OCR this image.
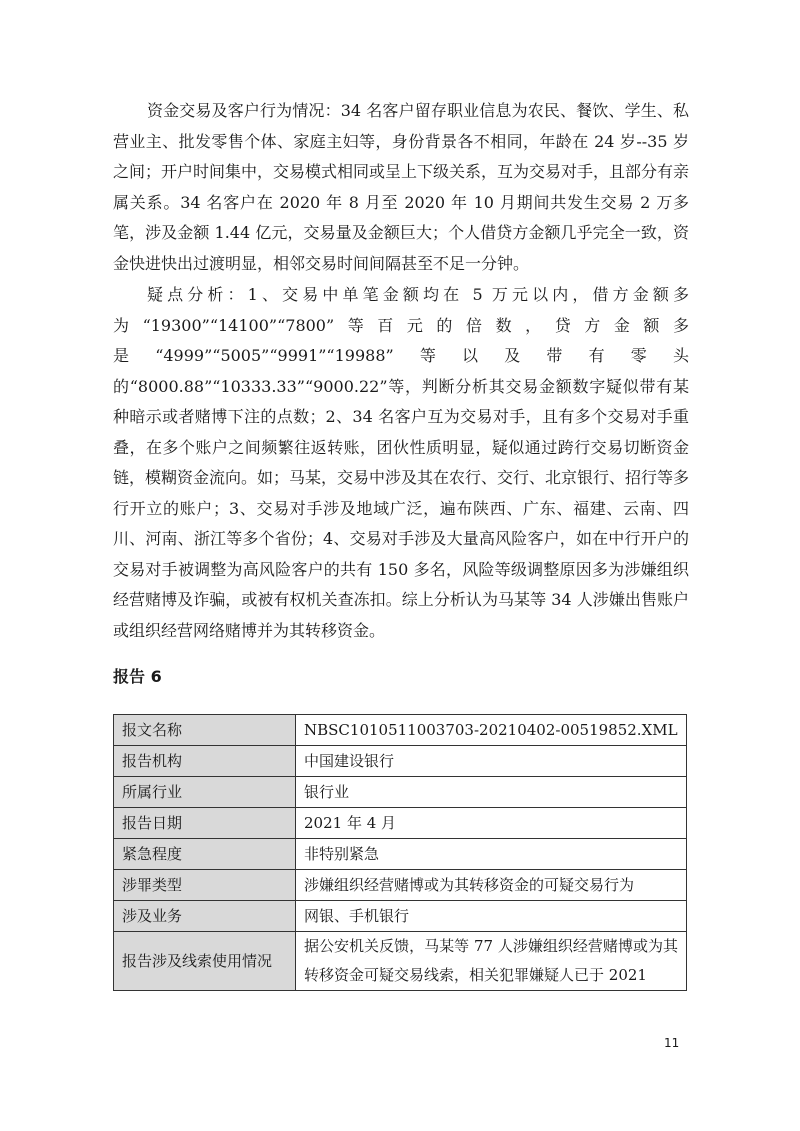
资金交易及客户行为情况：34 名客户留存职业信息为农民、餐饮、学生、私营业主、批发零售个体、家庭主妇等，身份背景各不相同，年龄在 24 岁--35 岁之间；开户时间集中，交易模式相同或呈上下级关系，互为交易对手，且部分有亲属关系。34 名客户在 2020 年 8 月至 2020 年 10 月期间共发生交易 2 万多笔，涉及金额 1.44 亿元，交易量及金额巨大；个人借贷方金额几乎完全一致，资金快进快出过渡明显，相邻交易时间间隔甚至不足一分钟。

疑点分析：1、交易中单笔金额均在 5 万元以内，借方金额多为“19300”“14100”“7800”等百元的倍数，贷方金额多是“4999”“5005”“9991”“19988”等以及带有零头的“8000.88”“10333.33”“9000.22”等，判断分析其交易金额数字疑似带有某种暗示或者赌博下注的点数；2、34 名客户互为交易对手，且有多个交易对手重叠，在多个账户之间频繁往返转账，团伙性质明显，疑似通过跨行交易切断资金链，模糊资金流向。如；马某，交易中涉及其在农行、交行、北京银行、招行等多行开立的账户；3、交易对手涉及地域广泛，遍布陕西、广东、福建、云南、四川、河南、浙江等多个省份；4、交易对手涉及大量高风险客户，如在中行开户的交易对手被调整为高风险客户的共有 150 多名，风险等级调整原因多为涉嫌组织经营赌博及诈骗，或被有权机关查冻扣。综上分析认为马某等 34 人涉嫌出售账户或组织经营网络赌博并为其转移资金。

报告 6
报文名称	NBSC1010511003703-20210402-00519852.XML
报告机构	中国建设银行
所属行业	银行业
报告日期	2021 年 4 月
紧急程度	非特别紧急
涉罪类型	涉嫌组织经营赌博或为其转移资金的可疑交易行为
涉及业务	网银、手机银行
报告涉及线索使用情况	据公安机关反馈，马某等 77 人涉嫌组织经营赌博或为其转移资金可疑交易线索，相关犯罪嫌疑人已于 2021
11
